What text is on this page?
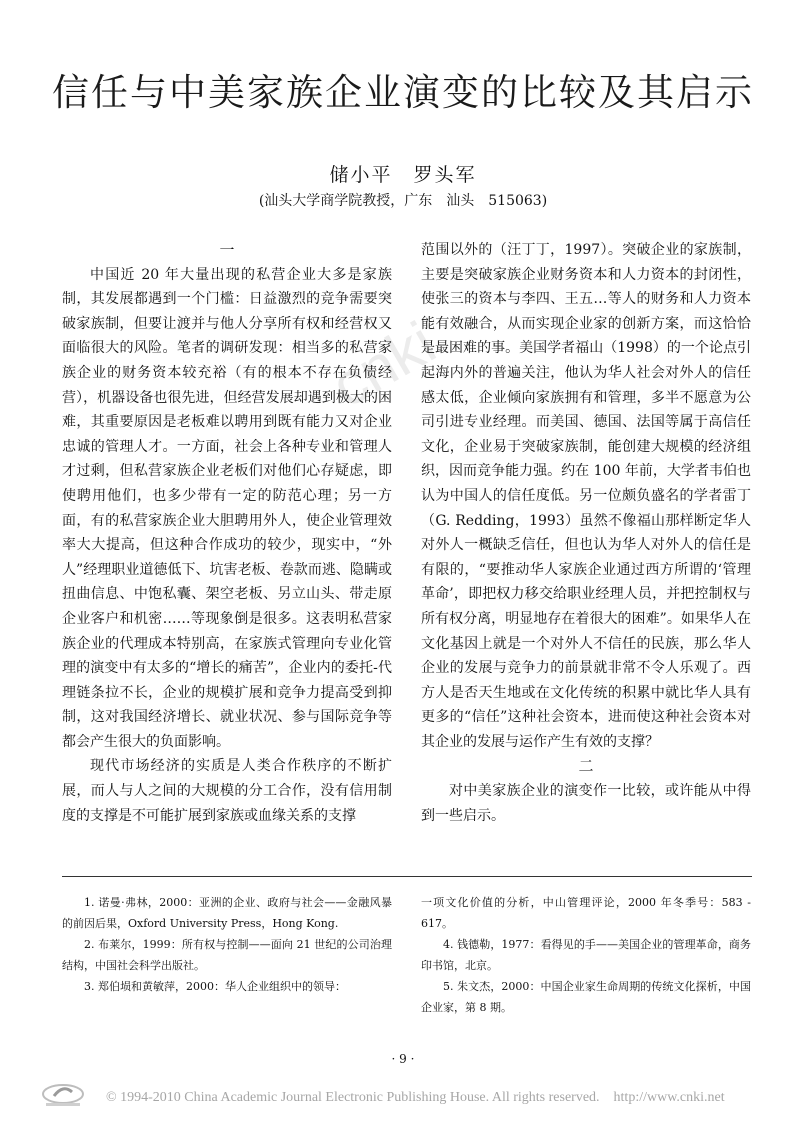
cnki
信任与中美家族企业演变的比较及其启示
储小平　罗头军
(汕头大学商学院教授，广东　汕头　515063)
一

中国近 20 年大量出现的私营企业大多是家族制，其发展都遇到一个门槛：日益激烈的竞争需要突破家族制，但要让渡并与他人分享所有权和经营权又面临很大的风险。笔者的调研发现：相当多的私营家族企业的财务资本较充裕（有的根本不存在负债经营），机器设备也很先进，但经营发展却遇到极大的困难，其重要原因是老板难以聘用到既有能力又对企业忠诚的管理人才。一方面，社会上各种专业和管理人才过剩，但私营家族企业老板们对他们心存疑虑，即使聘用他们，也多少带有一定的防范心理；另一方面，有的私营家族企业大胆聘用外人，使企业管理效率大大提高，但这种合作成功的较少，现实中，“外人”经理职业道德低下、坑害老板、卷款而逃、隐瞒或扭曲信息、中饱私囊、架空老板、另立山头、带走原企业客户和机密……等现象倒是很多。这表明私营家族企业的代理成本特别高，在家族式管理向专业化管理的演变中有太多的“增长的痛苦”，企业内的委托-代理链条拉不长，企业的规模扩展和竞争力提高受到抑制，这对我国经济增长、就业状况、参与国际竞争等都会产生很大的负面影响。

现代市场经济的实质是人类合作秩序的不断扩展，而人与人之间的大规模的分工合作，没有信用制度的支撑是不可能扩展到家族或血缘关系的支撑

范围以外的（汪丁丁，1997）。突破企业的家族制，主要是突破家族企业财务资本和人力资本的封闭性，使张三的资本与李四、王五…等人的财务和人力资本能有效融合，从而实现企业家的创新方案，而这恰恰是最困难的事。美国学者福山（1998）的一个论点引起海内外的普遍关注，他认为华人社会对外人的信任感太低，企业倾向家族拥有和管理，多半不愿意为公司引进专业经理。而美国、德国、法国等属于高信任文化，企业易于突破家族制，能创建大规模的经济组织，因而竞争能力强。约在 100 年前，大学者韦伯也认为中国人的信任度低。另一位颇负盛名的学者雷丁（G. Redding，1993）虽然不像福山那样断定华人对外人一概缺乏信任，但也认为华人对外人的信任是有限的，“要推动华人家族企业通过西方所谓的‘管理革命’，即把权力移交给职业经理人员，并把控制权与所有权分离，明显地存在着很大的困难”。如果华人在文化基因上就是一个对外人不信任的民族，那么华人企业的发展与竞争力的前景就非常不令人乐观了。西方人是否天生地或在文化传统的积累中就比华人具有更多的“信任”这种社会资本，进而使这种社会资本对其企业的发展与运作产生有效的支撑？

二

对中美家族企业的演变作一比较，或许能从中得到一些启示。

1. 诺曼·弗林，2000：亚洲的企业、政府与社会——金融风暴的前因后果，Oxford University Press，Hong Kong.

2. 布莱尔，1999：所有权与控制——面向 21 世纪的公司治理结构，中国社会科学出版社。

3. 郑伯埙和黄敏萍，2000：华人企业组织中的领导：

一项文化价值的分析，中山管理评论，2000 年冬季号：583 - 617。

4. 钱德勒，1977：看得见的手——美国企业的管理革命，商务印书馆，北京。

5. 朱文杰，2000：中国企业家生命周期的传统文化探析，中国企业家，第 8 期。

· 9 ·
© 1994-2010 China Academic Journal Electronic Publishing House. All rights reserved.　http://www.cnki.net
